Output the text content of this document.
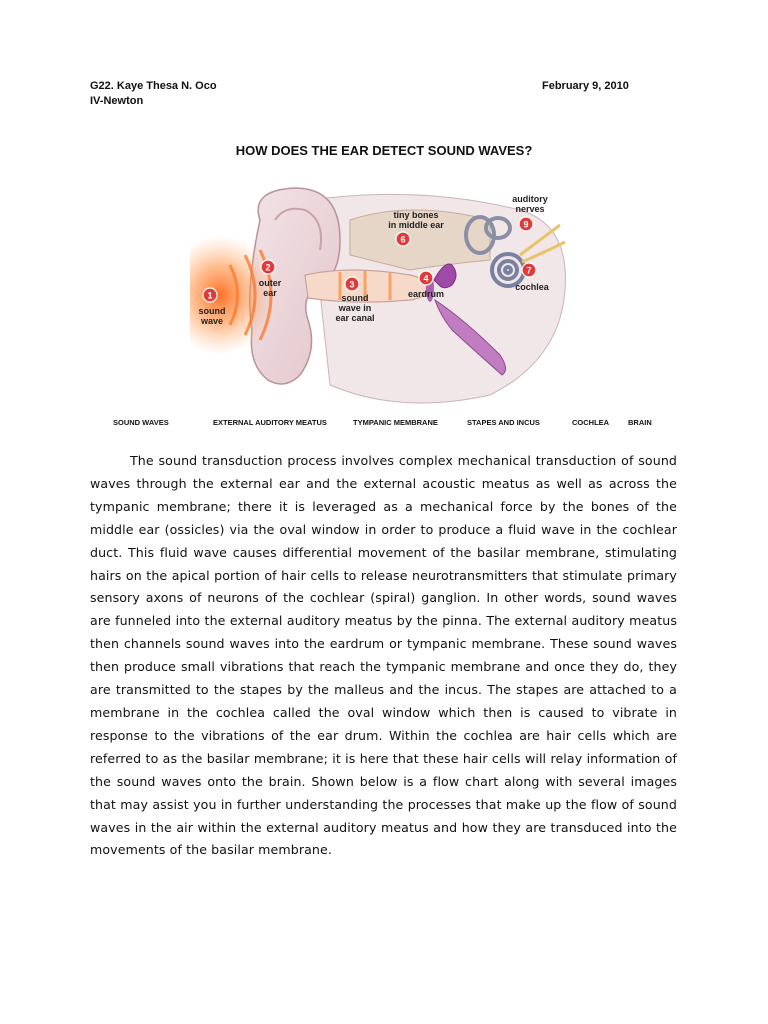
G22. Kaye Thesa N. Oco
IV-Newton
February 9, 2010
HOW DOES THE EAR DETECT SOUND WAVES?
1
sound wave
2
outer ear
3
sound wave in ear canal
4
eardrum
6
tiny bones in middle ear
7
cochlea
9
auditory nerves
SOUND WAVES	EXTERNAL AUDITORY MEATUS	TYMPANIC MEMBRANE	STAPES AND INCUS	COCHLEA	BRAIN

The sound transduction process involves complex mechanical transduction of sound waves through the external ear and the external acoustic meatus as well as across the tympanic membrane; there it is leveraged as a mechanical force by the bones of the middle ear (ossicles) via the oval window in order to produce a fluid wave in the cochlear duct. This fluid wave causes differential movement of the basilar membrane, stimulating hairs on the apical portion of hair cells to release neurotransmitters that stimulate primary sensory axons of neurons of the cochlear (spiral) ganglion. In other words, sound waves are funneled into the external auditory meatus by the pinna. The external auditory meatus then channels sound waves into the eardrum or tympanic membrane. These sound waves then produce small vibrations that reach the tympanic membrane and once they do, they are transmitted to the stapes by the malleus and the incus. The stapes are attached to a membrane in the cochlea called the oval window which then is caused to vibrate in response to the vibrations of the ear drum. Within the cochlea are hair cells which are referred to as the basilar membrane; it is here that these hair cells will relay information of the sound waves onto the brain. Shown below is a flow chart along with several images that may assist you in further understanding the processes that make up the flow of sound waves in the air within the external auditory meatus and how they are transduced into the movements of the basilar membrane.
